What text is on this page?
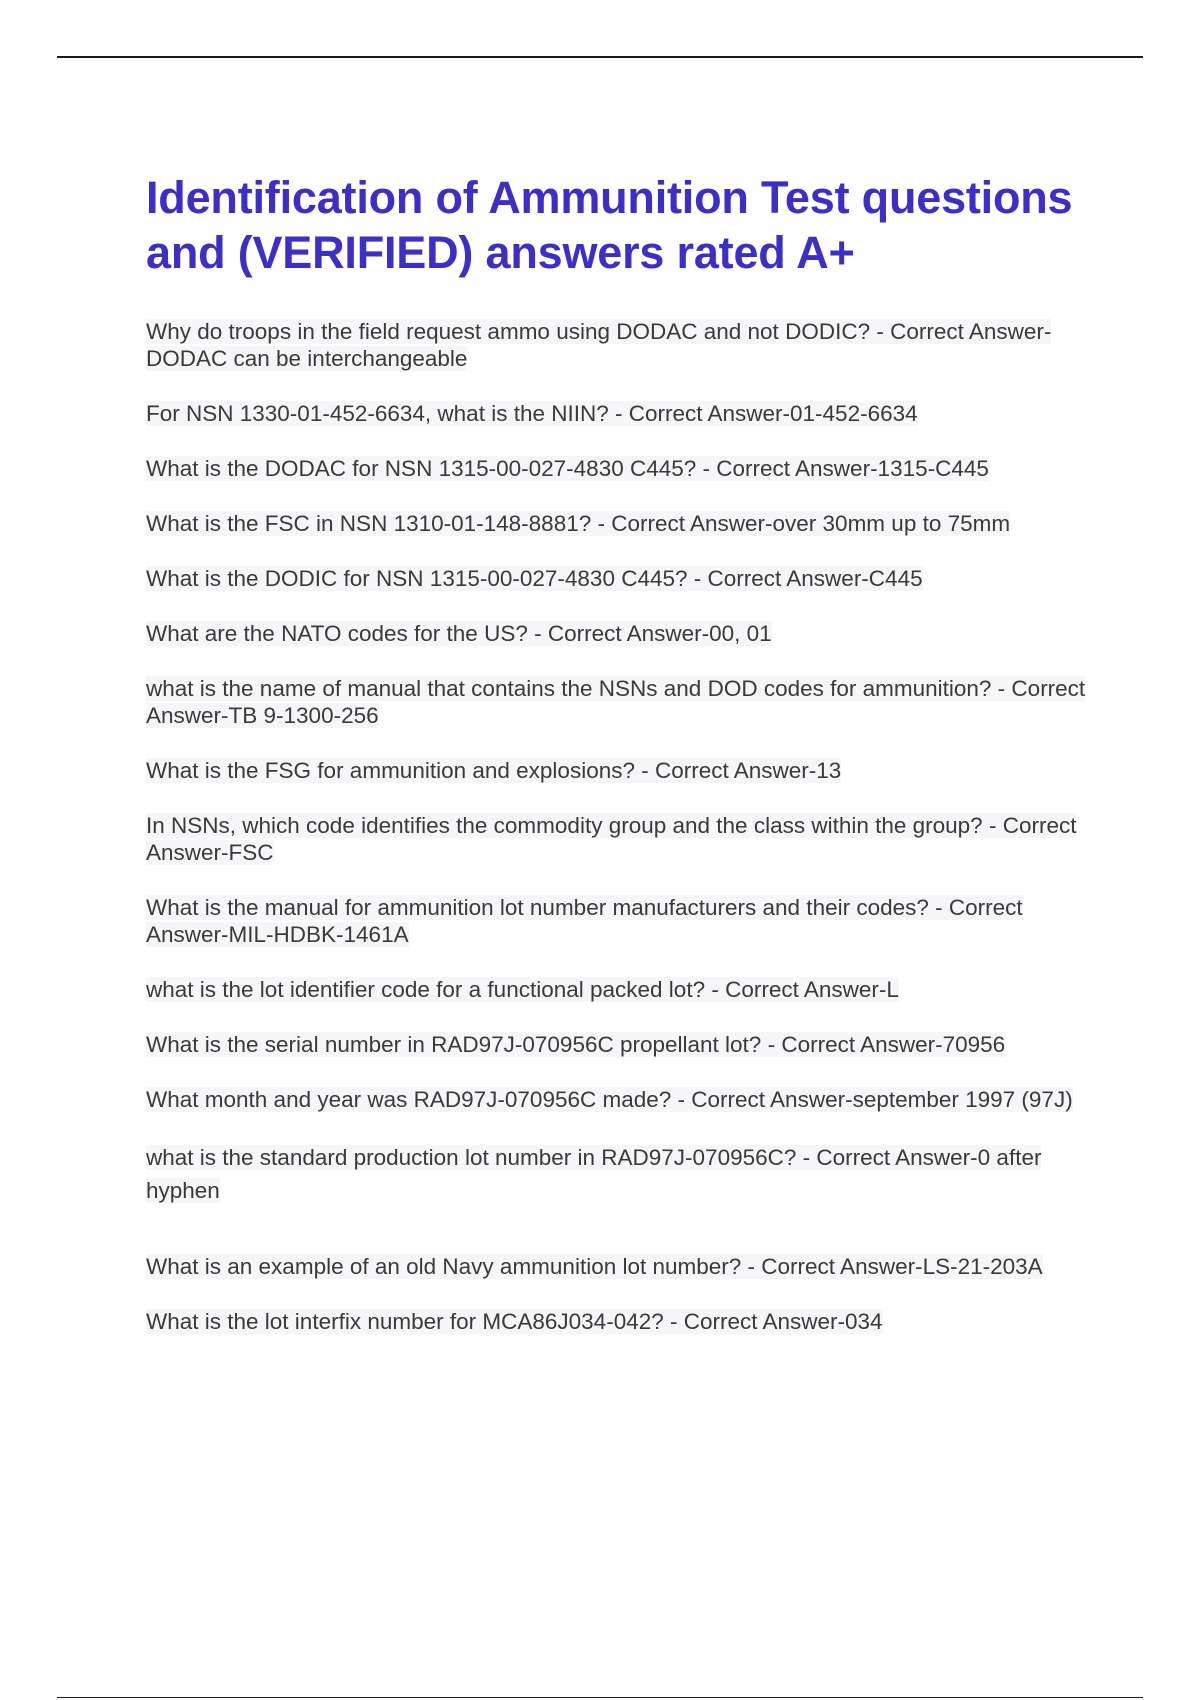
Identification of Ammunition Test questions and (VERIFIED) answers rated A+
Why do troops in the field request ammo using DODAC and not DODIC? - Correct Answer-DODAC can be interchangeable
For NSN 1330-01-452-6634, what is the NIIN? - Correct Answer-01-452-6634
What is the DODAC for NSN 1315-00-027-4830 C445? - Correct Answer-1315-C445
What is the FSC in NSN 1310-01-148-8881? - Correct Answer-over 30mm up to 75mm
What is the DODIC for NSN 1315-00-027-4830 C445? - Correct Answer-C445
What are the NATO codes for the US? - Correct Answer-00, 01
what is the name of manual that contains the NSNs and DOD codes for ammunition? - Correct Answer-TB 9-1300-256
What is the FSG for ammunition and explosions? - Correct Answer-13
In NSNs, which code identifies the commodity group and the class within the group? - Correct Answer-FSC
What is the manual for ammunition lot number manufacturers and their codes? - Correct Answer-MIL-HDBK-1461A
what is the lot identifier code for a functional packed lot? - Correct Answer-L
What is the serial number in RAD97J-070956C propellant lot? - Correct Answer-70956
What month and year was RAD97J-070956C made? - Correct Answer-september 1997 (97J)
what is the standard production lot number in RAD97J-070956C? - Correct Answer-0 after hyphen
What is an example of an old Navy ammunition lot number? - Correct Answer-LS-21-203A
What is the lot interfix number for MCA86J034-042? - Correct Answer-034
